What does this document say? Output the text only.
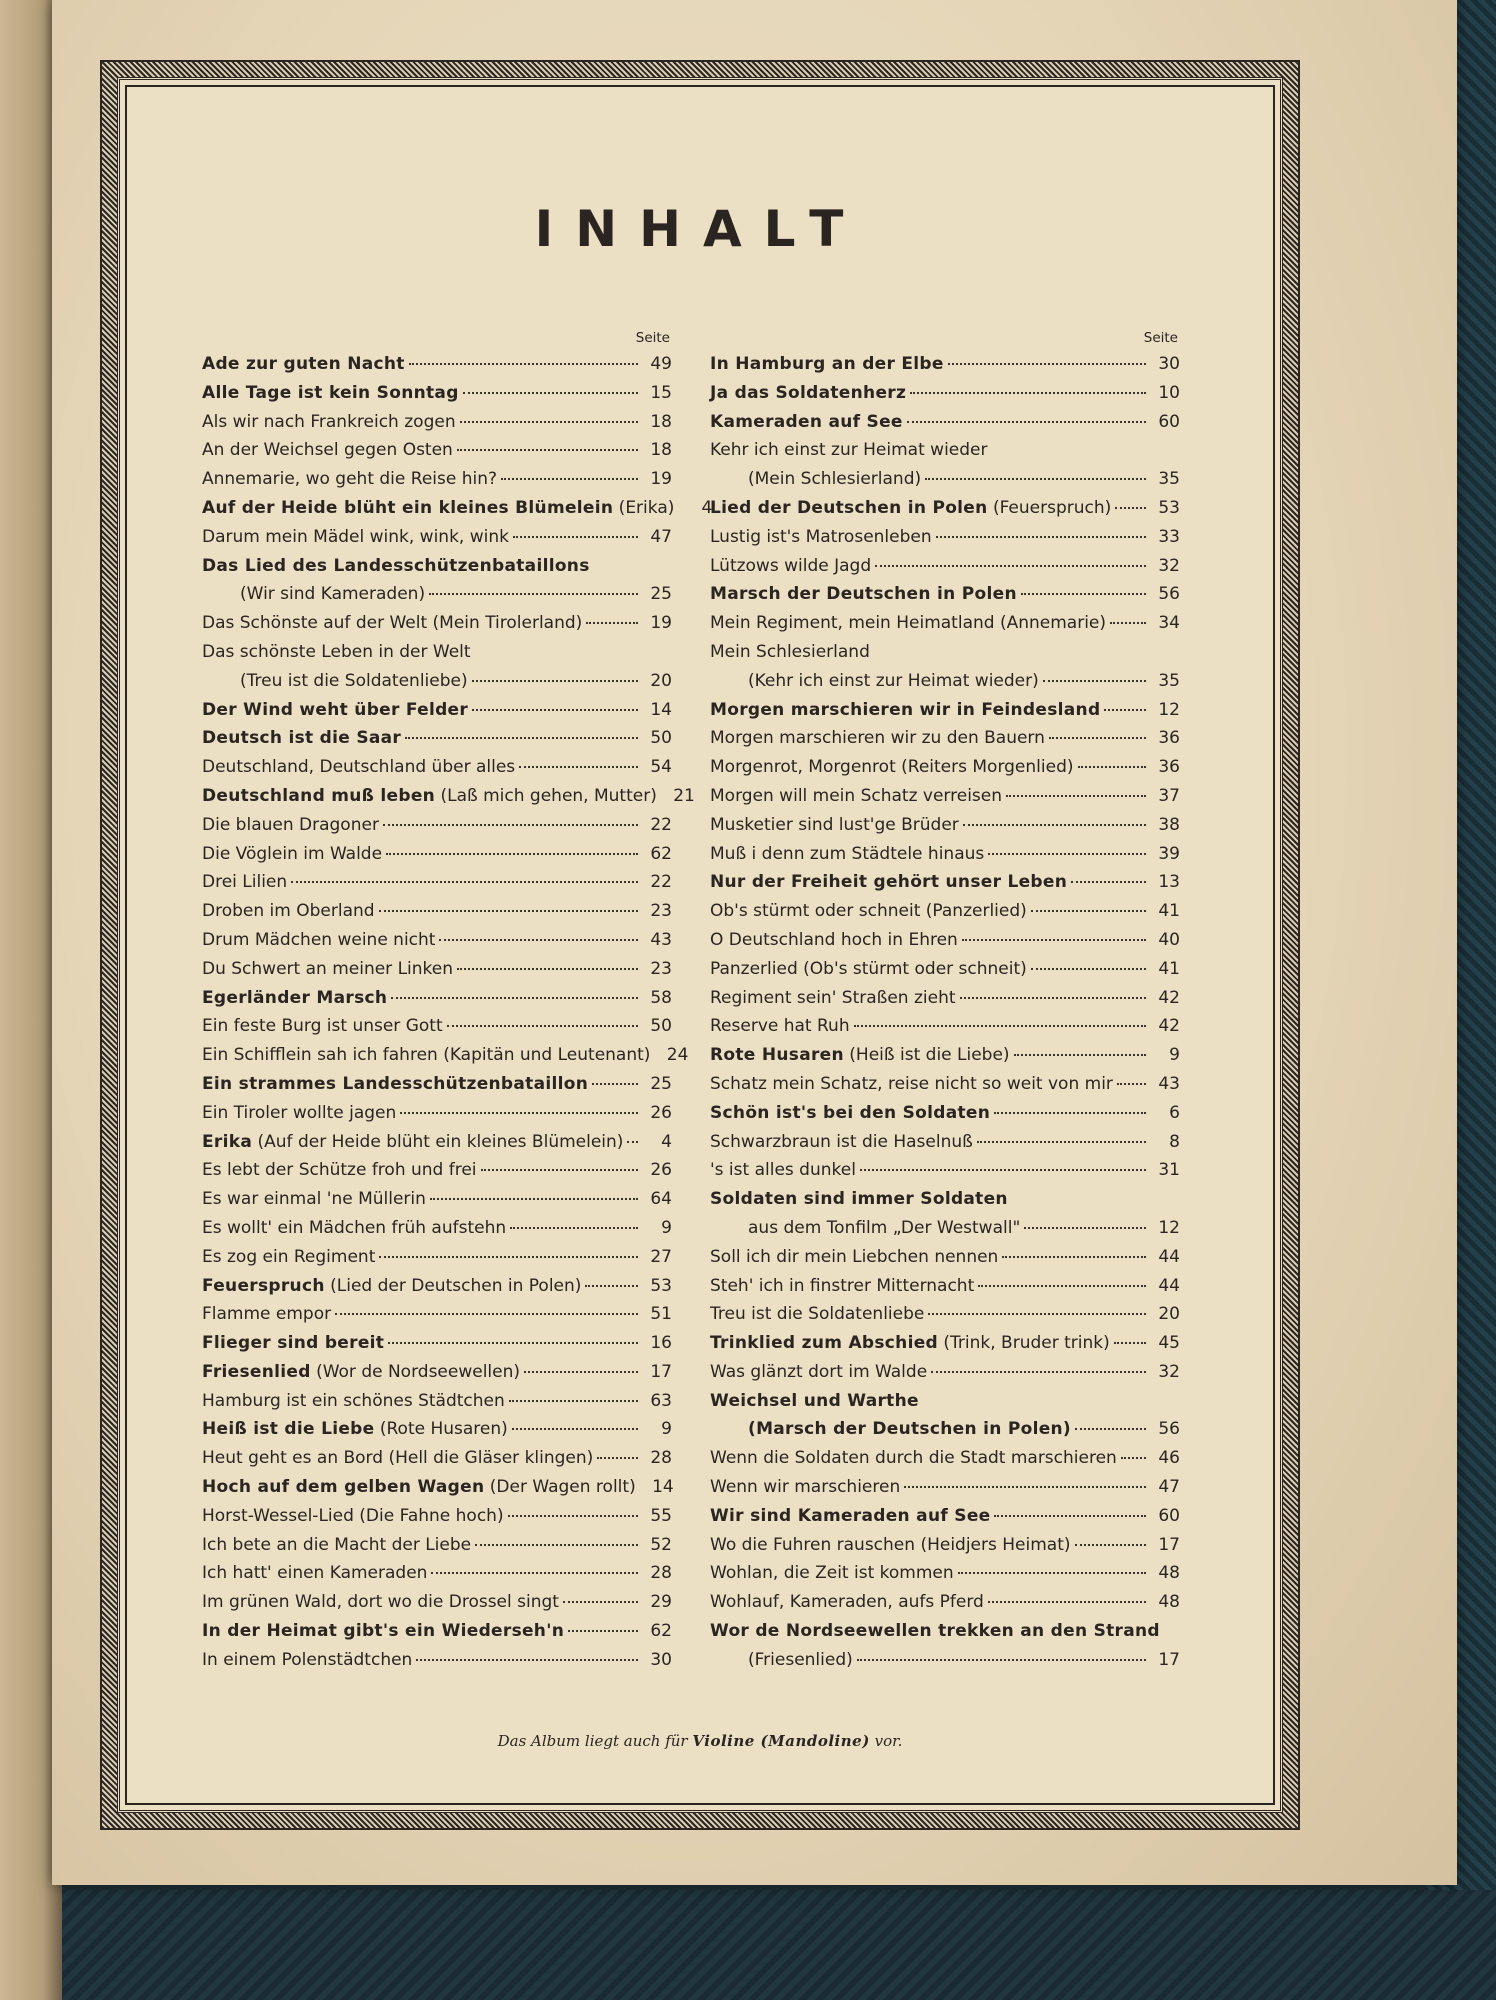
INHALT
Seite
Ade zur guten Nacht	49
Alle Tage ist kein Sonntag	15
Als wir nach Frankreich zogen	18
An der Weichsel gegen Osten	18
Annemarie, wo geht die Reise hin?	19
Auf der Heide blüht ein kleines Blümelein (Erika)	4
Darum mein Mädel wink, wink, wink	47
Das Lied des Landesschützenbataillons
(Wir sind Kameraden)	25
Das Schönste auf der Welt (Mein Tirolerland)	19
Das schönste Leben in der Welt
(Treu ist die Soldatenliebe)	20
Der Wind weht über Felder	14
Deutsch ist die Saar	50
Deutschland, Deutschland über alles	54
Deutschland muß leben (Laß mich gehen, Mutter) 21
Die blauen Dragoner	22
Die Vöglein im Walde	62
Drei Lilien	22
Droben im Oberland	23
Drum Mädchen weine nicht	43
Du Schwert an meiner Linken	23
Egerländer Marsch	58
Ein feste Burg ist unser Gott	50
Ein Schifflein sah ich fahren (Kapitän und Leutenant) 24
Ein strammes Landesschützenbataillon	25
Ein Tiroler wollte jagen	26
Erika (Auf der Heide blüht ein kleines Blümelein)	4
Es lebt der Schütze froh und frei	26
Es war einmal 'ne Müllerin	64
Es wollt' ein Mädchen früh aufstehn	9
Es zog ein Regiment	27
Feuerspruch (Lied der Deutschen in Polen)	53
Flamme empor	51
Flieger sind bereit	16
Friesenlied (Wor de Nordseewellen)	17
Hamburg ist ein schönes Städtchen	63
Heiß ist die Liebe (Rote Husaren)	9
Heut geht es an Bord (Hell die Gläser klingen)	28
Hoch auf dem gelben Wagen (Der Wagen rollt) 14
Horst-Wessel-Lied (Die Fahne hoch)	55
Ich bete an die Macht der Liebe	52
Ich hatt' einen Kameraden	28
Im grünen Wald, dort wo die Drossel singt	29
In der Heimat gibt's ein Wiederseh'n	62
In einem Polenstädtchen	30
Seite
In Hamburg an der Elbe	30
Ja das Soldatenherz	10
Kameraden auf See	60
Kehr ich einst zur Heimat wieder
(Mein Schlesierland)	35
Lied der Deutschen in Polen (Feuerspruch)	53
Lustig ist's Matrosenleben	33
Lützows wilde Jagd	32
Marsch der Deutschen in Polen	56
Mein Regiment, mein Heimatland (Annemarie)	34
Mein Schlesierland
(Kehr ich einst zur Heimat wieder)	35
Morgen marschieren wir in Feindesland	12
Morgen marschieren wir zu den Bauern	36
Morgenrot, Morgenrot (Reiters Morgenlied)	36
Morgen will mein Schatz verreisen	37
Musketier sind lust'ge Brüder	38
Muß i denn zum Städtele hinaus	39
Nur der Freiheit gehört unser Leben	13
Ob's stürmt oder schneit (Panzerlied)	41
O Deutschland hoch in Ehren	40
Panzerlied (Ob's stürmt oder schneit)	41
Regiment sein' Straßen zieht	42
Reserve hat Ruh	42
Rote Husaren (Heiß ist die Liebe)	9
Schatz mein Schatz, reise nicht so weit von mir	43
Schön ist's bei den Soldaten	6
Schwarzbraun ist die Haselnuß	8
's ist alles dunkel	31
Soldaten sind immer Soldaten
aus dem Tonfilm „Der Westwall"	12
Soll ich dir mein Liebchen nennen	44
Steh' ich in finstrer Mitternacht	44
Treu ist die Soldatenliebe	20
Trinklied zum Abschied (Trink, Bruder trink)	45
Was glänzt dort im Walde	32
Weichsel und Warthe
(Marsch der Deutschen in Polen)	56
Wenn die Soldaten durch die Stadt marschieren	46
Wenn wir marschieren	47
Wir sind Kameraden auf See	60
Wo die Fuhren rauschen (Heidjers Heimat)	17
Wohlan, die Zeit ist kommen	48
Wohlauf, Kameraden, aufs Pferd	48
Wor de Nordseewellen trekken an den Strand
(Friesenlied)	17
Das Album liegt auch für Violine (Mandoline) vor.
